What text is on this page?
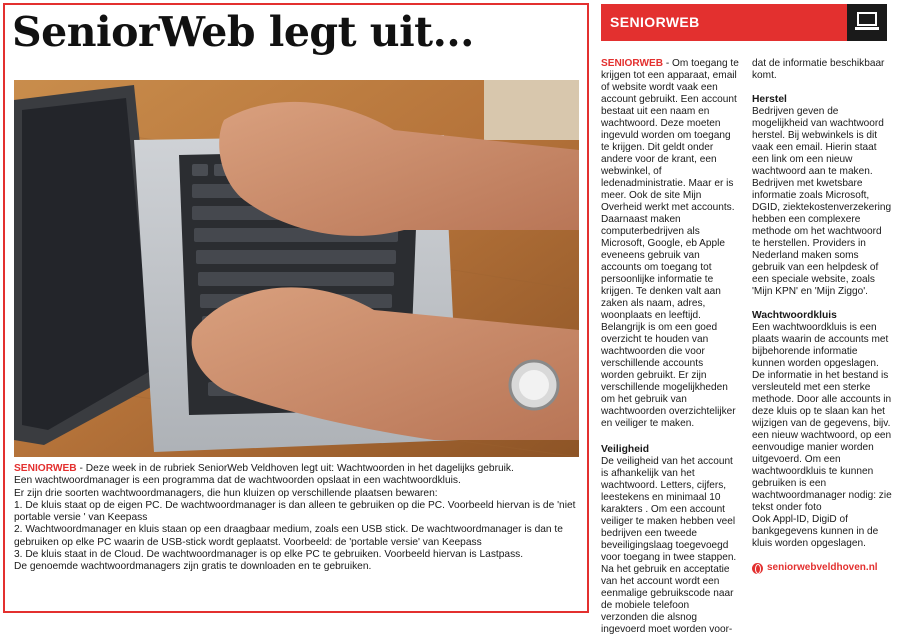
SeniorWeb legt uit...

SENIORWEB - Deze week in de rubriek SeniorWeb Veldhoven legt uit: Wachtwoorden in het dagelijks gebruik.

Een wachtwoordmanager is een programma dat de wachtwoorden opslaat in een wachtwoordkluis.

Er zijn drie soorten wachtwoordmanagers, die hun kluizen op verschillende plaatsen bewaren:

1. De kluis staat op de eigen PC. De wachtwoordmanager is dan alleen te gebruiken op die PC. Voorbeeld hiervan is de 'niet portable versie ' van Keepass

2. Wachtwoordmanager en kluis staan op een draagbaar medium, zoals een USB stick. De wachtwoordmanager is dan te gebruiken op elke PC waarin de USB-stick wordt geplaatst. Voorbeeld: de 'portable versie' van Keepass

3. De kluis staat in de Cloud. De wachtwoordmanager is op elke PC te gebruiken. Voorbeeld hiervan is Lastpass.

De genoemde wachtwoordmanagers zijn gratis te downloaden en te gebruiken.

SENIORWEB

SENIORWEB - Om toegang te krijgen tot een apparaat, email of website wordt vaak een account gebruikt. Een account bestaat uit een naam en wachtwoord. Deze moeten ingevuld worden om toegang te krijgen. Dit geldt onder andere voor de krant, een webwinkel, of ledenadministratie. Maar er is meer. Ook de site Mijn Overheid werkt met accounts. Daarnaast maken computerbedrijven als Microsoft, Google, eb Apple eveneens gebruik van accounts om toegang tot persoonlijke informatie te krijgen. Te denken valt aan zaken als naam, adres, woonplaats en leeftijd. Belangrijk is om een goed overzicht te houden van wachtwoorden die voor verschillende accounts worden gebruikt. Er zijn verschillende mogelijkheden om het gebruik van wachtwoorden overzichtelijker en veiliger te maken.

Veiligheid

De veiligheid van het account is afhankelijk van het wachtwoord. Letters, cijfers, leestekens en minimaal 10 karakters . Om een account veiliger te maken hebben veel bedrijven een tweede beveiligingslaag toegevoegd voor toegang in twee stappen. Na het gebruik en acceptatie van het account wordt een eenmalige gebruikscode naar de mobiele telefoon verzonden die alsnog ingevoerd moet worden voor-

dat de informatie beschikbaar komt.

Herstel

Bedrijven geven de mogelijkheid van wachtwoord herstel. Bij webwinkels is dit vaak een email. Hierin staat een link om een nieuw wachtwoord aan te maken.

Bedrijven met kwetsbare informatie zoals Microsoft, DGID, ziektekostenverzekering hebben een complexere methode om het wachtwoord te herstellen. Providers in Nederland maken soms gebruik van een helpdesk of een speciale website, zoals 'Mijn KPN' en 'Mijn Ziggo'.

Wachtwoordkluis

Een wachtwoordkluis is een plaats waarin de accounts met bijbehorende informatie kunnen worden opgeslagen. De informatie in het bestand is versleuteld met een sterke methode. Door alle accounts in deze kluis op te slaan kan het wijzigen van de gegevens, bijv. een nieuw wachtwoord, op een eenvoudige manier worden uitgevoerd. Om een wachtwoordkluis te kunnen gebruiken is een wachtwoordmanager nodig: zie tekst onder foto

Ook Appl-ID, DigiD of bankgegevens kunnen in de kluis worden opgeslagen.

seniorwebveldhoven.nl
